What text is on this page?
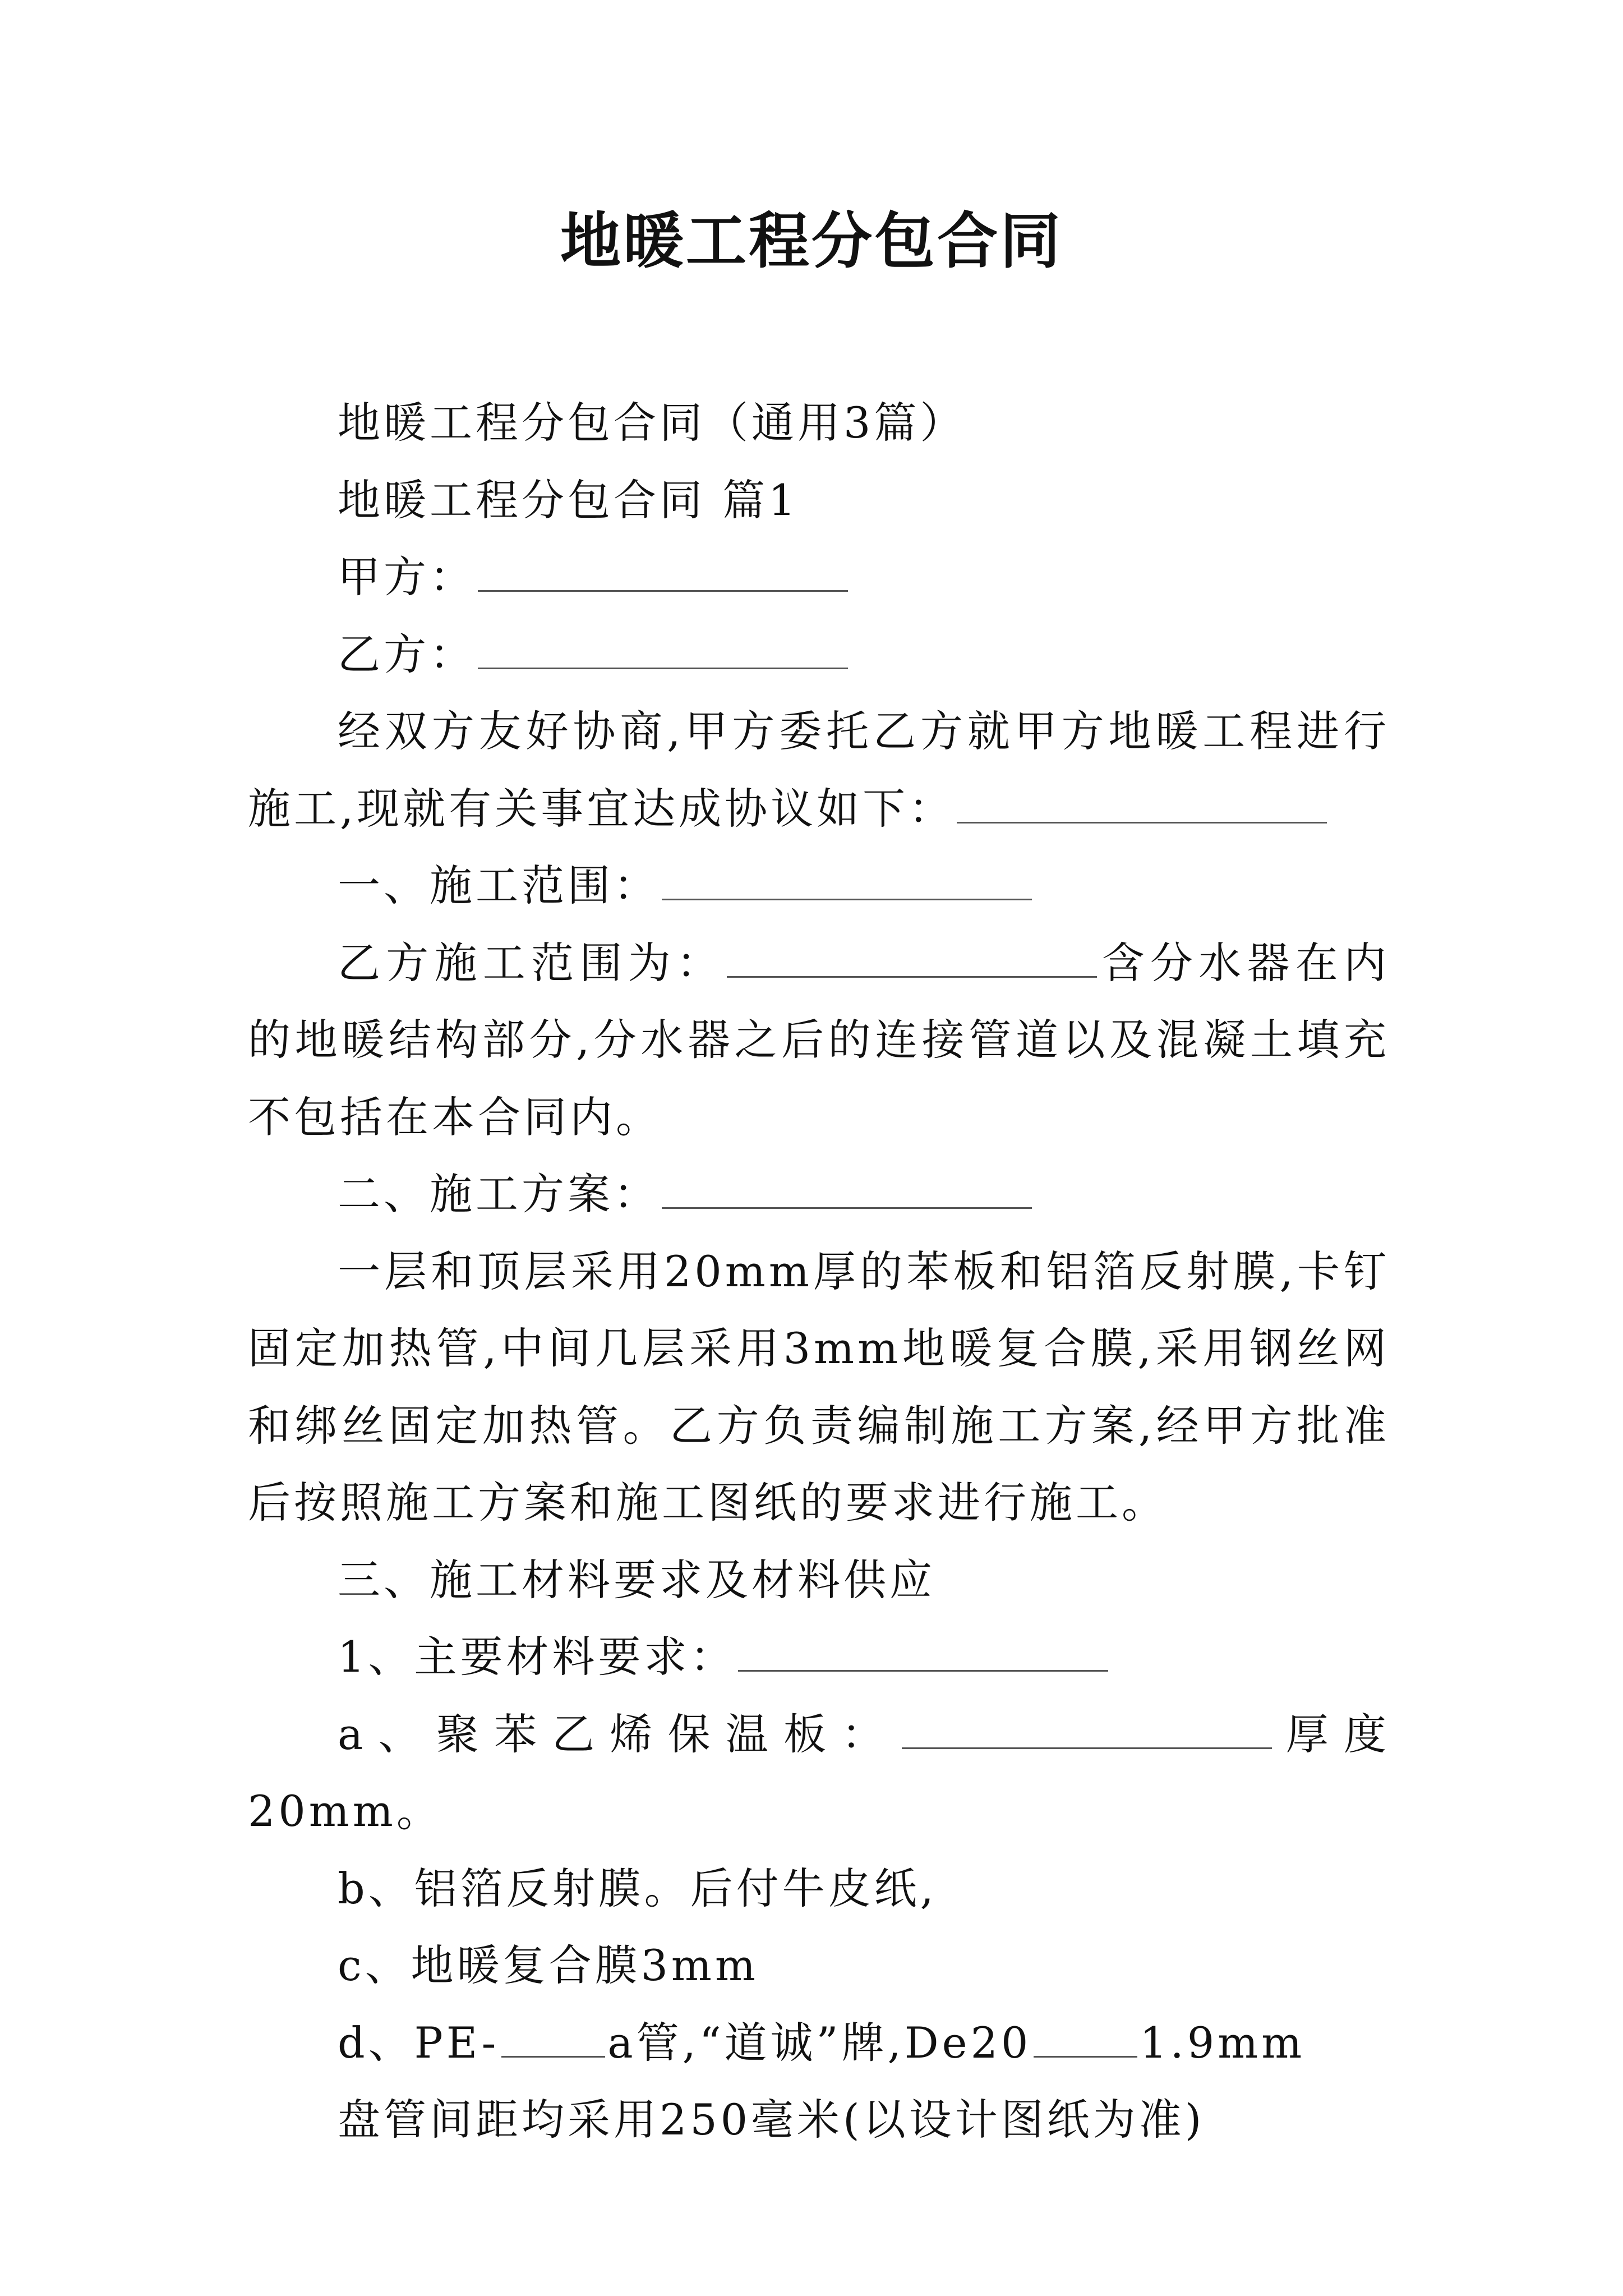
地暖工程分包合同

地暖工程分包合同（通用3篇）

地暖工程分包合同 篇1

甲方：

乙方：

经双方友好协商,甲方委托乙方就甲方地暖工程进行施工,现就有关事宜达成协议如下：

一、施工范围：

乙方施工范围为：	含分水器在内的地暖结构部分,分水器之后的连接管道以及混凝土填充不包括在本合同内。

二、施工方案：

一层和顶层采用20mm厚的苯板和铝箔反射膜,卡钉固定加热管,中间几层采用3mm地暖复合膜,采用钢丝网和绑丝固定加热管。乙方负责编制施工方案,经甲方批准后按照施工方案和施工图纸的要求进行施工。

三、施工材料要求及材料供应

1、主要材料要求：

a、聚苯乙烯保温板：	厚度20mm。

b、铝箔反射膜。后付牛皮纸,

c、地暖复合膜3mm

d、PE-	a管,“道诚”牌,De20	1.9mm

盘管间距均采用250毫米(以设计图纸为准)
